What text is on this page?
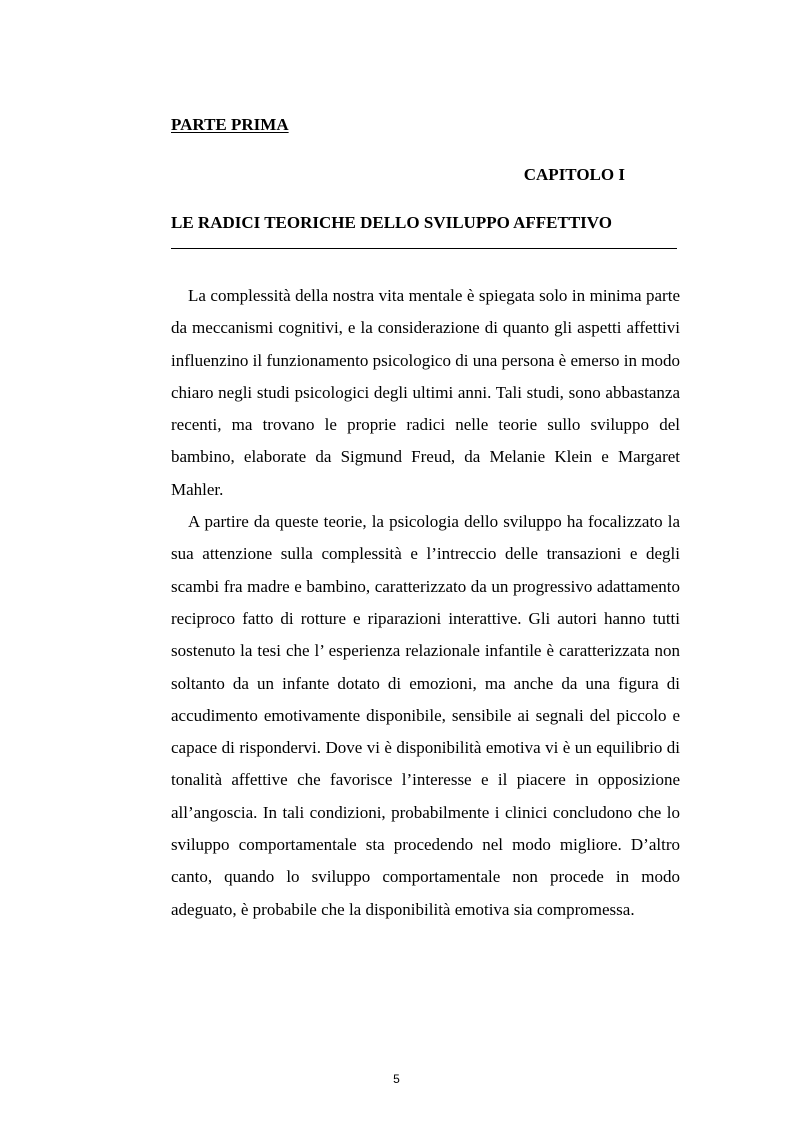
PARTE PRIMA
CAPITOLO I
LE RADICI TEORICHE DELLO SVILUPPO AFFETTIVO

La complessità della nostra vita mentale è spiegata solo in minima parte da meccanismi cognitivi, e la considerazione di quanto gli aspetti affettivi influenzino il funzionamento psicologico di una persona è emerso in modo chiaro negli studi psicologici degli ultimi anni. Tali studi, sono abbastanza recenti, ma trovano le proprie radici nelle teorie sullo sviluppo del bambino, elaborate da Sigmund Freud, da Melanie Klein e Margaret Mahler.

A partire da queste teorie, la psicologia dello sviluppo ha focalizzato la sua attenzione sulla complessità e l’intreccio delle transazioni e degli scambi fra madre e bambino, caratterizzato da un progressivo adattamento reciproco fatto di rotture e riparazioni interattive. Gli autori hanno tutti sostenuto la tesi che l’ esperienza relazionale infantile è caratterizzata non soltanto da un infante dotato di emozioni, ma anche da una figura di accudimento emotivamente disponibile, sensibile ai segnali del piccolo e capace di rispondervi. Dove vi è disponibilità emotiva vi è un equilibrio di tonalità affettive che favorisce l’interesse e il piacere in opposizione all’angoscia. In tali condizioni, probabilmente i clinici concludono che lo sviluppo comportamentale sta procedendo nel modo migliore. D’altro canto, quando lo sviluppo comportamentale non procede in modo adeguato, è probabile che la disponibilità emotiva sia compromessa.

5
